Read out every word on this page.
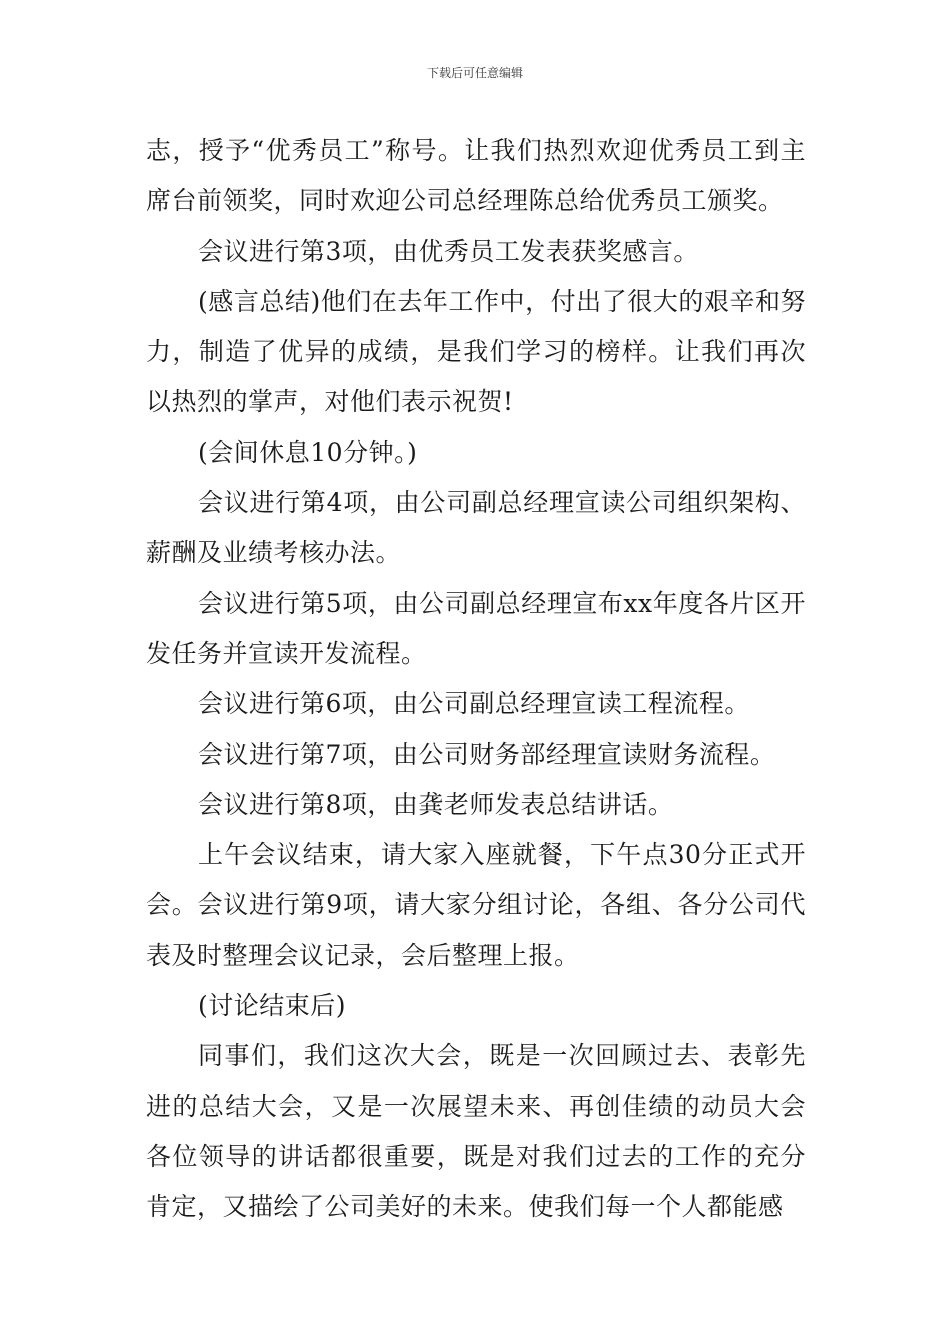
下载后可任意编辑

志，授予“优秀员工”称号。让我们热烈欢迎优秀员工到主席台前领奖，同时欢迎公司总经理陈总给优秀员工颁奖。

会议进行第3项，由优秀员工发表获奖感言。

(感言总结)他们在去年工作中，付出了很大的艰辛和努力，制造了优异的成绩，是我们学习的榜样。让我们再次以热烈的掌声，对他们表示祝贺!

(会间休息10分钟。)

会议进行第4项，由公司副总经理宣读公司组织架构、薪酬及业绩考核办法。

会议进行第5项，由公司副总经理宣布xx年度各片区开发任务并宣读开发流程。

会议进行第6项，由公司副总经理宣读工程流程。

会议进行第7项，由公司财务部经理宣读财务流程。

会议进行第8项，由龚老师发表总结讲话。

上午会议结束，请大家入座就餐，下午点30分正式开会。会议进行第9项，请大家分组讨论，各组、各分公司代表及时整理会议记录，会后整理上报。

(讨论结束后)

同事们，我们这次大会，既是一次回顾过去、表彰先进的总结大会，又是一次展望未来、再创佳绩的动员大会各位领导的讲话都很重要，既是对我们过去的工作的充分肯定，又描绘了公司美好的未来。使我们每一个人都能感
